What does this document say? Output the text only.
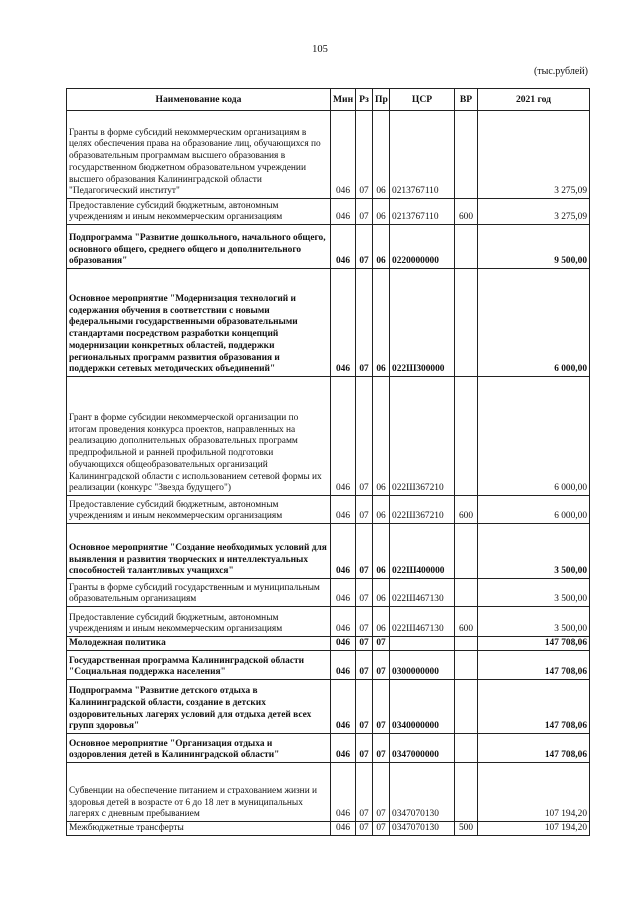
105
(тыс.рублей)
Наименование кода	Мин	Рз	Пр	ЦСР	ВР	2021 год
Гранты в форме субсидий некоммерческим организациям в целях обеспечения права на образование лиц, обучающихся по образовательным программам высшего образования в государственном бюджетном образовательном учреждении высшего образования Калининградской области "Педагогический институт"	046	07	06	0213767110		3 275,09
Предоставление субсидий бюджетным, автономным учреждениям и иным некоммерческим организациям	046	07	06	0213767110	600	3 275,09
Подпрограмма "Развитие дошкольного, начального общего, основного общего, среднего общего и дополнительного образования"	046	07	06	0220000000		9 500,00
Основное мероприятие "Модернизация технологий и содержания обучения в соответствии с новыми федеральными государственными образовательными стандартами посредством разработки концепций модернизации конкретных областей, поддержки региональных программ развития образования и поддержки сетевых методических объединений"	046	07	06	022Ш300000		6 000,00
Грант в форме субсидии некоммерческой организации по итогам проведения конкурса проектов, направленных на реализацию дополнительных образовательных программ предпрофильной и ранней профильной подготовки обучающихся общеобразовательных организаций Калининградской области с использованием сетевой формы их реализации (конкурс "Звезда будущего")	046	07	06	022Ш367210		6 000,00
Предоставление субсидий бюджетным, автономным учреждениям и иным некоммерческим организациям	046	07	06	022Ш367210	600	6 000,00
Основное мероприятие "Создание необходимых условий для выявления и развития творческих и интеллектуальных способностей талантливых учащихся"	046	07	06	022Ш400000		3 500,00
Гранты в форме субсидий государственным и муниципальным образовательным организациям	046	07	06	022Ш467130		3 500,00
Предоставление субсидий бюджетным, автономным учреждениям и иным некоммерческим организациям	046	07	06	022Ш467130	600	3 500,00
Молодежная политика	046	07	07			147 708,06
Государственная программа Калининградской области "Социальная поддержка населения"	046	07	07	0300000000		147 708,06
Подпрограмма "Развитие детского отдыха в Калининградской области, создание в детских оздоровительных лагерях условий для отдыха детей всех групп здоровья"	046	07	07	0340000000		147 708,06
Основное мероприятие "Организация отдыха и оздоровления детей в Калининградской области"	046	07	07	0347000000		147 708,06
Субвенции на обеспечение питанием и страхованием жизни и здоровья детей в возрасте от 6 до 18 лет в муниципальных лагерях с дневным пребыванием	046	07	07	0347070130		107 194,20
Межбюджетные трансферты	046	07	07	0347070130	500	107 194,20
